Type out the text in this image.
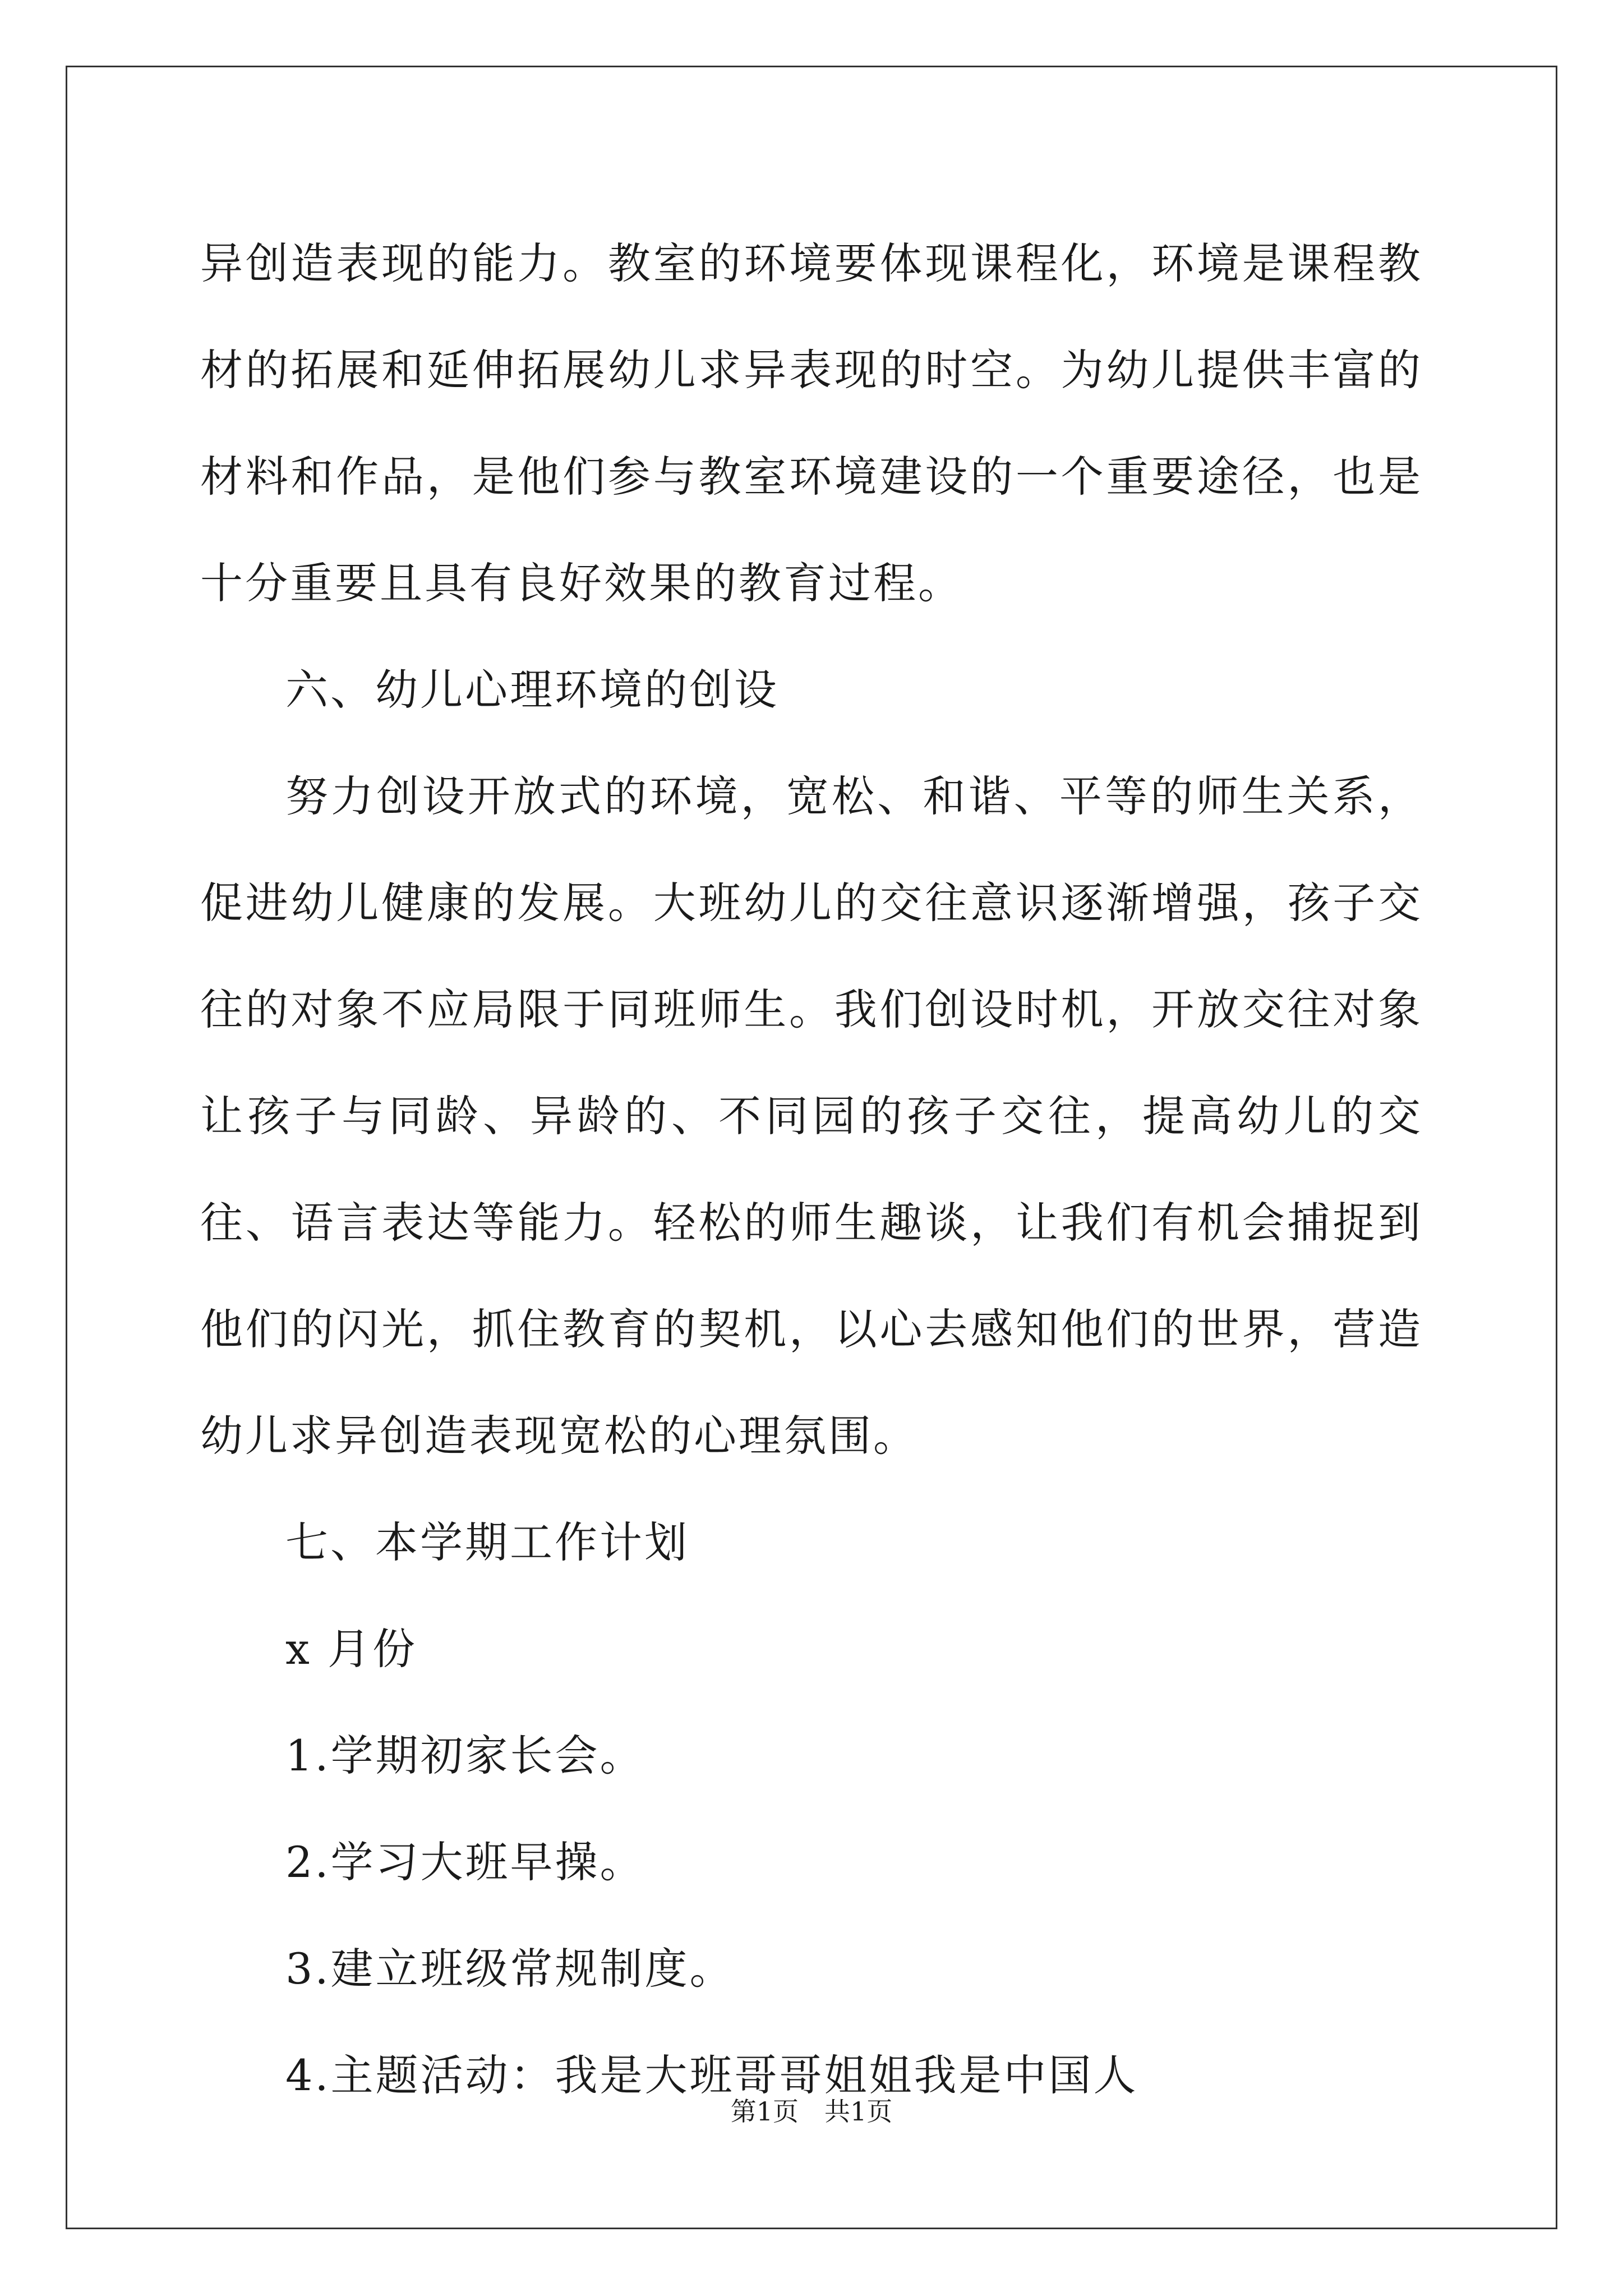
异创造表现的能力。教室的环境要体现课程化，环境是课程教材的拓展和延伸拓展幼儿求异表现的时空。为幼儿提供丰富的材料和作品，是他们参与教室环境建设的一个重要途径，也是十分重要且具有良好效果的教育过程。

六、幼儿心理环境的创设

努力创设开放式的环境，宽松、和谐、平等的师生关系，促进幼儿健康的发展。大班幼儿的交往意识逐渐增强，孩子交往的对象不应局限于同班师生。我们创设时机，开放交往对象让孩子与同龄、异龄的、不同园的孩子交往，提高幼儿的交往、语言表达等能力。轻松的师生趣谈，让我们有机会捕捉到他们的闪光，抓住教育的契机，以心去感知他们的世界，营造幼儿求异创造表现宽松的心理氛围。

七、本学期工作计划

x 月份

1.学期初家长会。

2.学习大班早操。

3.建立班级常规制度。

4.主题活动：我是大班哥哥姐姐我是中国人

第1页 共1页
